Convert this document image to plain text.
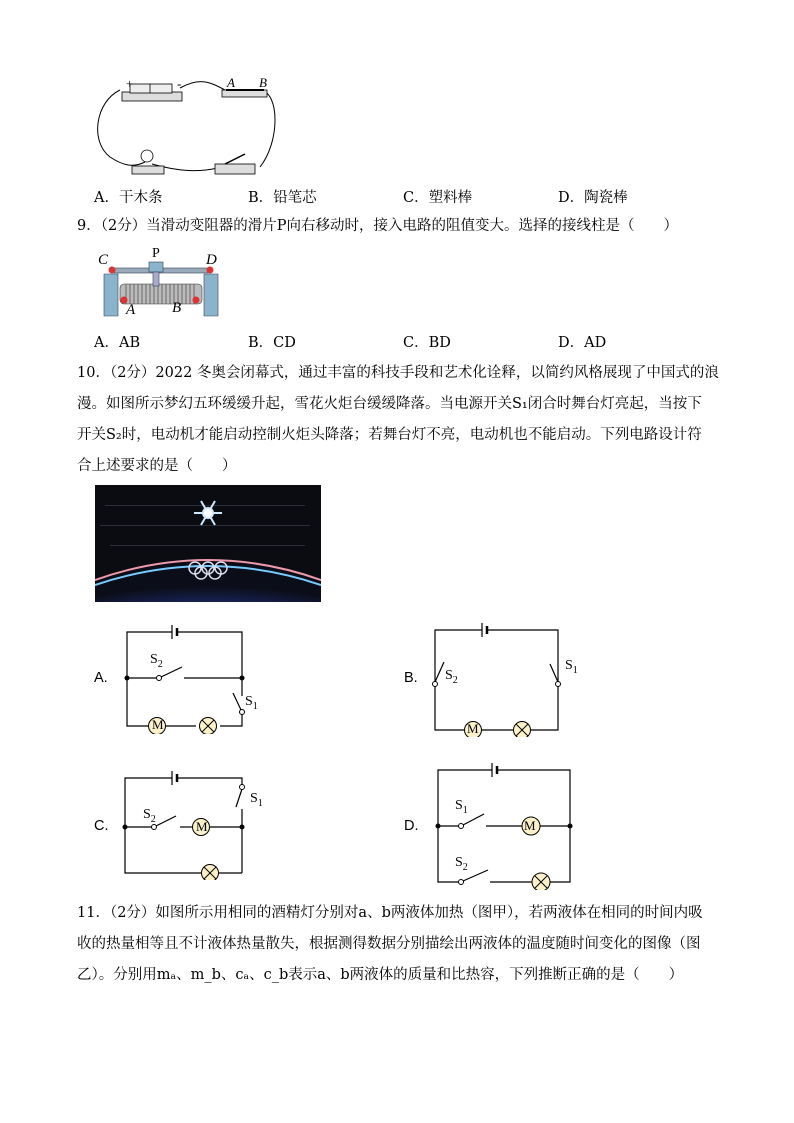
+	-	A B
A．干木条	B．铅笔芯	C．塑料棒	D．陶瓷棒
9．（2分）当滑动变阻器的滑片P向右移动时，接入电路的阻值变大。选择的接线柱是（　　）
C	P	D
A B
A．AB	B．CD	C．BD	D．AD
10．（2分）2022 冬奥会闭幕式，通过丰富的科技手段和艺术化诠释，以简约风格展现了中国式的浪
漫。如图所示梦幻五环缓缓升起，雪花火炬台缓缓降落。当电源开关S₁闭合时舞台灯亮起，当按下
开关S₂时，电动机才能启动控制火炬头降落；若舞台灯不亮，电动机也不能启动。下列电路设计符
合上述要求的是（　　）
A.
$S_2$
$S_1$
M
B. $S_2$
$S_1$
M
C.
$S_2$
$S_1$
M	D.
$S_1$
$S_2$
M
11．（2分）如图所示用相同的酒精灯分别对a、b两液体加热（图甲），若两液体在相同的时间内吸
收的热量相等且不计液体热量散失，根据测得数据分别描绘出两液体的温度随时间变化的图像（图
乙）。分别用mₐ、m_b、cₐ、c_b表示a、b两液体的质量和比热容，下列推断正确的是（　　）
